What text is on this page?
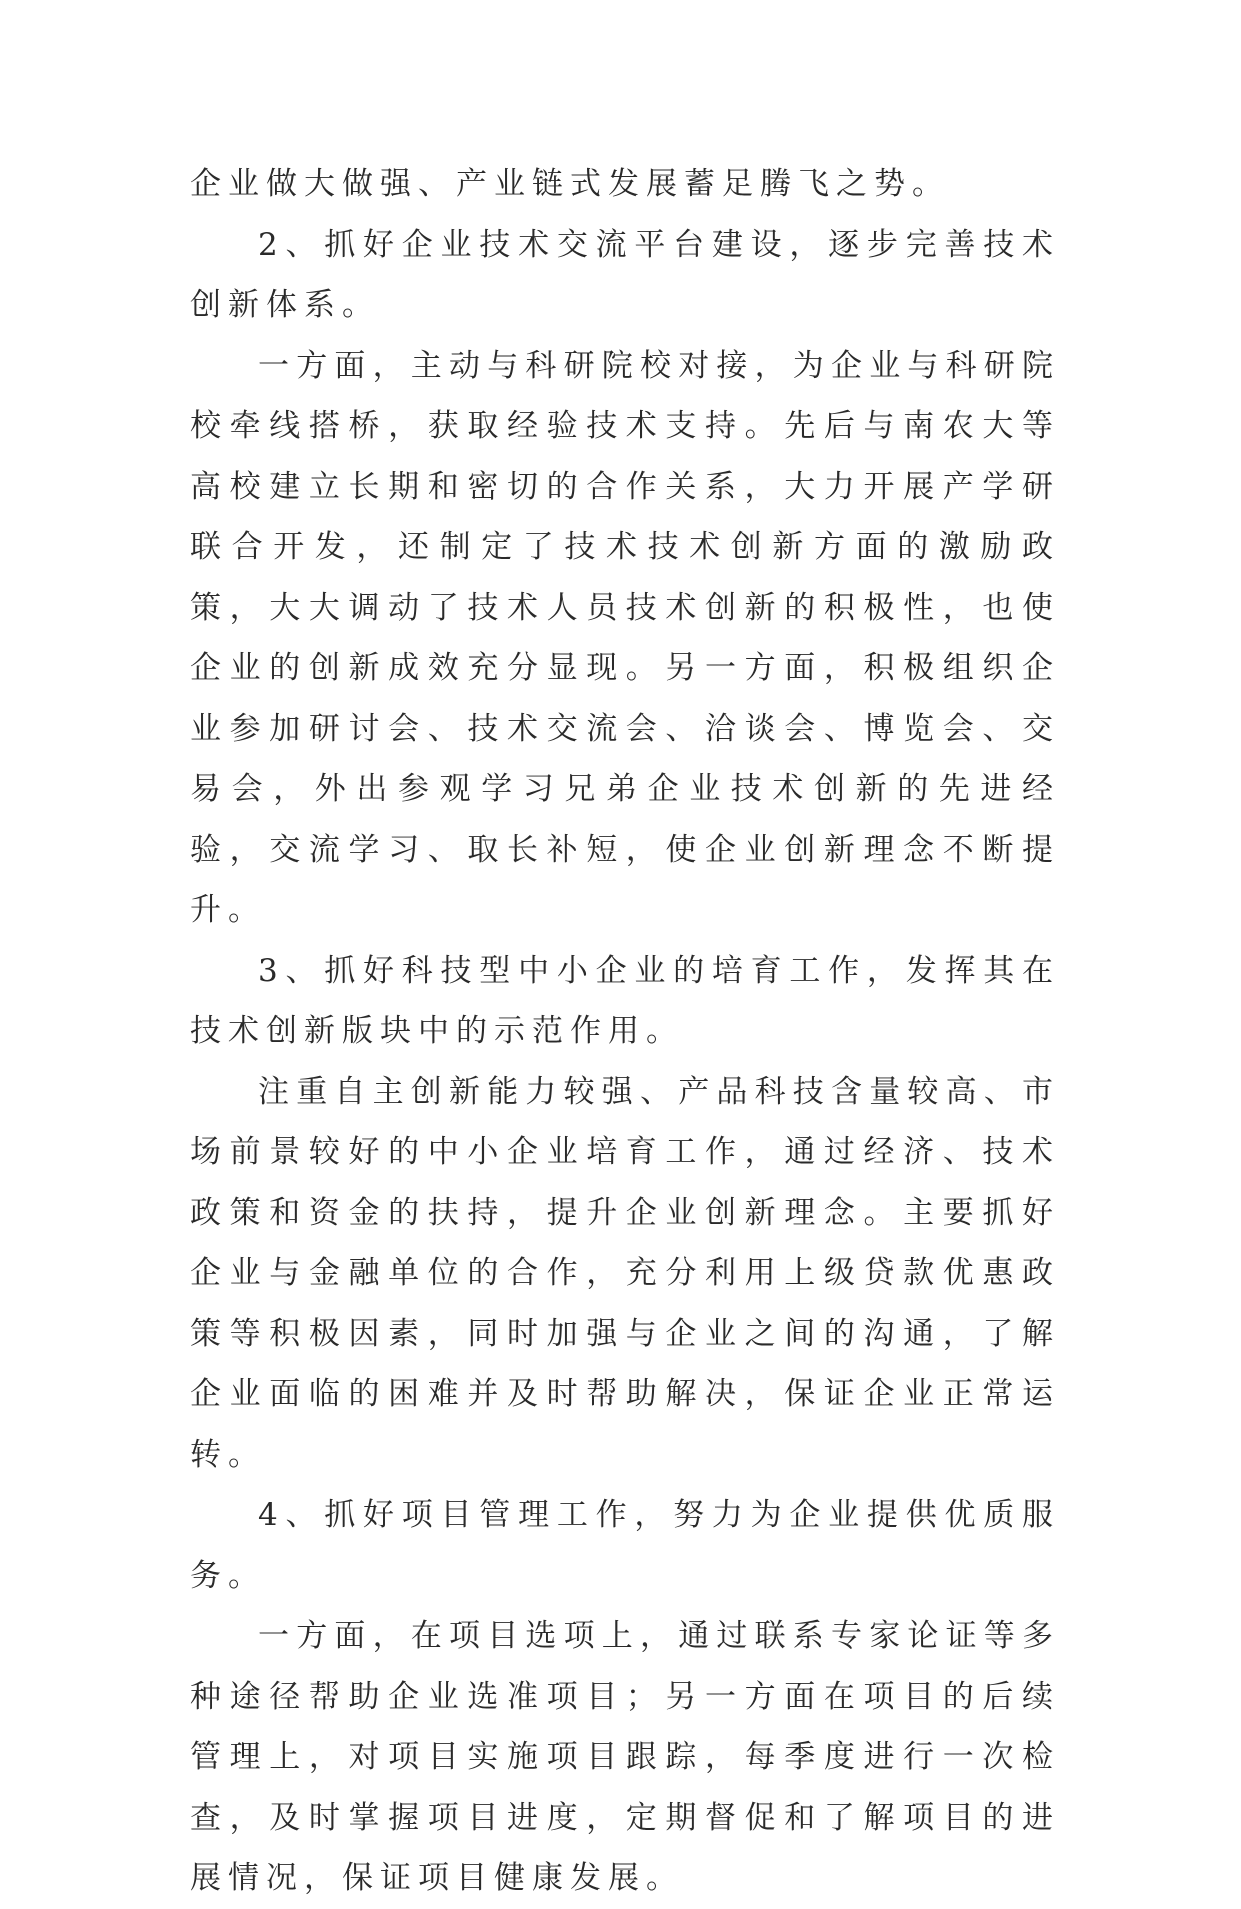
企业做大做强、产业链式发展蓄足腾飞之势。

2、抓好企业技术交流平台建设，逐步完善技术创新体系。

一方面，主动与科研院校对接，为企业与科研院校牵线搭桥，获取经验技术支持。先后与南农大等高校建立长期和密切的合作关系，大力开展产学研联合开发，还制定了技术技术创新方面的激励政策，大大调动了技术人员技术创新的积极性，也使企业的创新成效充分显现。另一方面，积极组织企业参加研讨会、技术交流会、洽谈会、博览会、交易会，外出参观学习兄弟企业技术创新的先进经验，交流学习、取长补短，使企业创新理念不断提升。

3、抓好科技型中小企业的培育工作，发挥其在技术创新版块中的示范作用。

注重自主创新能力较强、产品科技含量较高、市场前景较好的中小企业培育工作，通过经济、技术政策和资金的扶持，提升企业创新理念。主要抓好企业与金融单位的合作，充分利用上级贷款优惠政策等积极因素，同时加强与企业之间的沟通，了解企业面临的困难并及时帮助解决，保证企业正常运转。

4、抓好项目管理工作，努力为企业提供优质服务。

一方面，在项目选项上，通过联系专家论证等多种途径帮助企业选准项目；另一方面在项目的后续管理上，对项目实施项目跟踪，每季度进行一次检查，及时掌握项目进度，定期督促和了解项目的进展情况，保证项目健康发展。
